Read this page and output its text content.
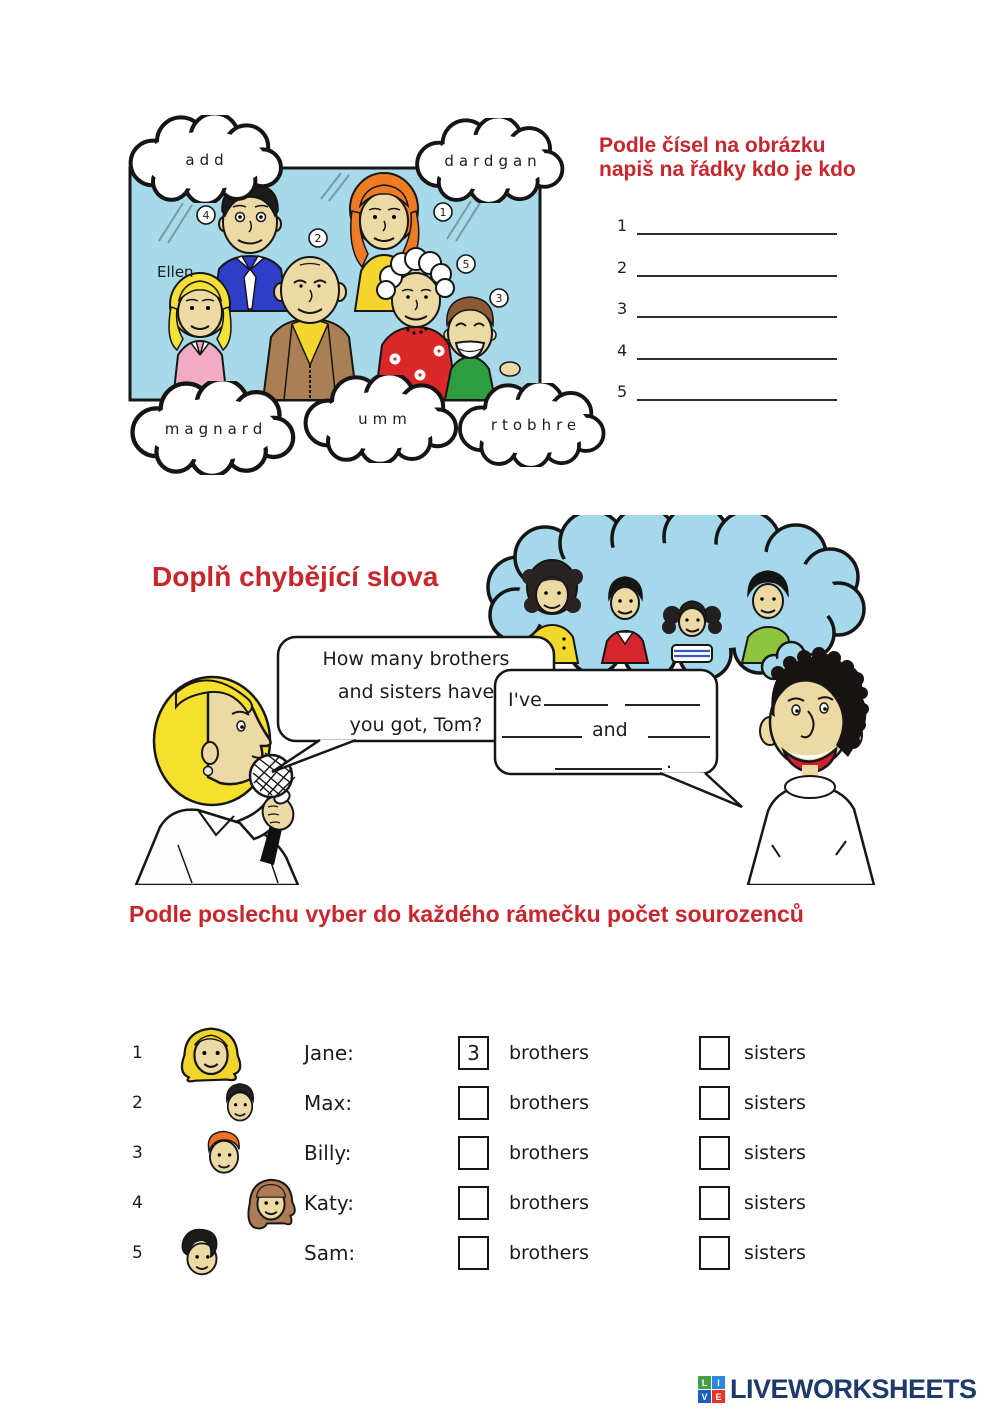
Ellen
4
2
1
5
3
add	dardgan
magnard
umm	rtobhre
Podle čísel na obrázku
napiš na řádky kdo je kdo
1
2
3
4
5
Doplň chybějící slova
How many brothers
and sisters have
you got, Tom?
I've
and
.
Podle poslechu vyber do každého rámečku počet sourozenců
1	Jane:	3	brothers	sisters
2	Max:	brothers	sisters
3	Billy:	brothers	sisters
4	Katy:	brothers	sisters
5	Sam:	brothers	sisters
L	I
V E LIVEWORKSHEETS
